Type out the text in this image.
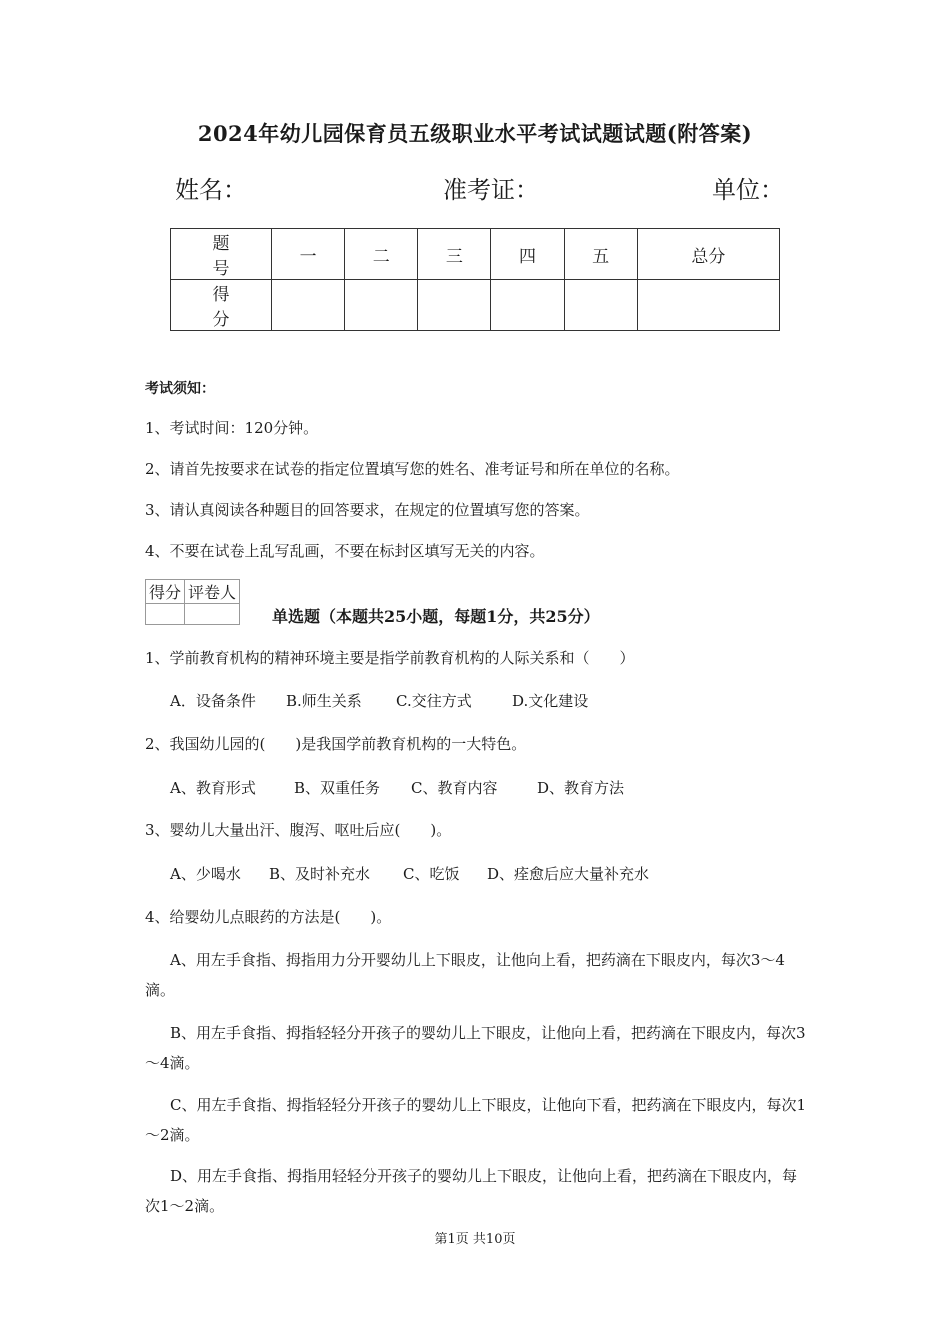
2024年幼儿园保育员五级职业水平考试试题试题(附答案)
姓名：	准考证：	单位：
题　号	一	二	三	四	五	总分
得　分						
考试须知：
1、考试时间：120分钟。
2、请首先按要求在试卷的指定位置填写您的姓名、准考证号和所在单位的名称。
3、请认真阅读各种题目的回答要求，在规定的位置填写您的答案。
4、不要在试卷上乱写乱画，不要在标封区填写无关的内容。
得分	评卷人

单选题（本题共25小题，每题1分，共25分）
1、学前教育机构的精神环境主要是指学前教育机构的人际关系和（　　）
A．设备条件 B.师生关系 C.交往方式	D.文化建设
2、我国幼儿园的(　　)是我国学前教育机构的一大特色。
A、教育形式	B、双重任务 C、教育内容	D、教育方法
3、婴幼儿大量出汗、腹泻、呕吐后应(　　)。
A、少喝水 B、及时补充水 C、吃饭 D、痊愈后应大量补充水
4、给婴幼儿点眼药的方法是(　　)。
A、用左手食指、拇指用力分开婴幼儿上下眼皮，让他向上看，把药滴在下眼皮内，每次3～4滴。
B、用左手食指、拇指轻轻分开孩子的婴幼儿上下眼皮，让他向上看，把药滴在下眼皮内，每次3～4滴。
C、用左手食指、拇指轻轻分开孩子的婴幼儿上下眼皮，让他向下看，把药滴在下眼皮内，每次1～2滴。
D、用左手食指、拇指用轻轻分开孩子的婴幼儿上下眼皮，让他向上看，把药滴在下眼皮内，每次1～2滴。
第1页 共10页
